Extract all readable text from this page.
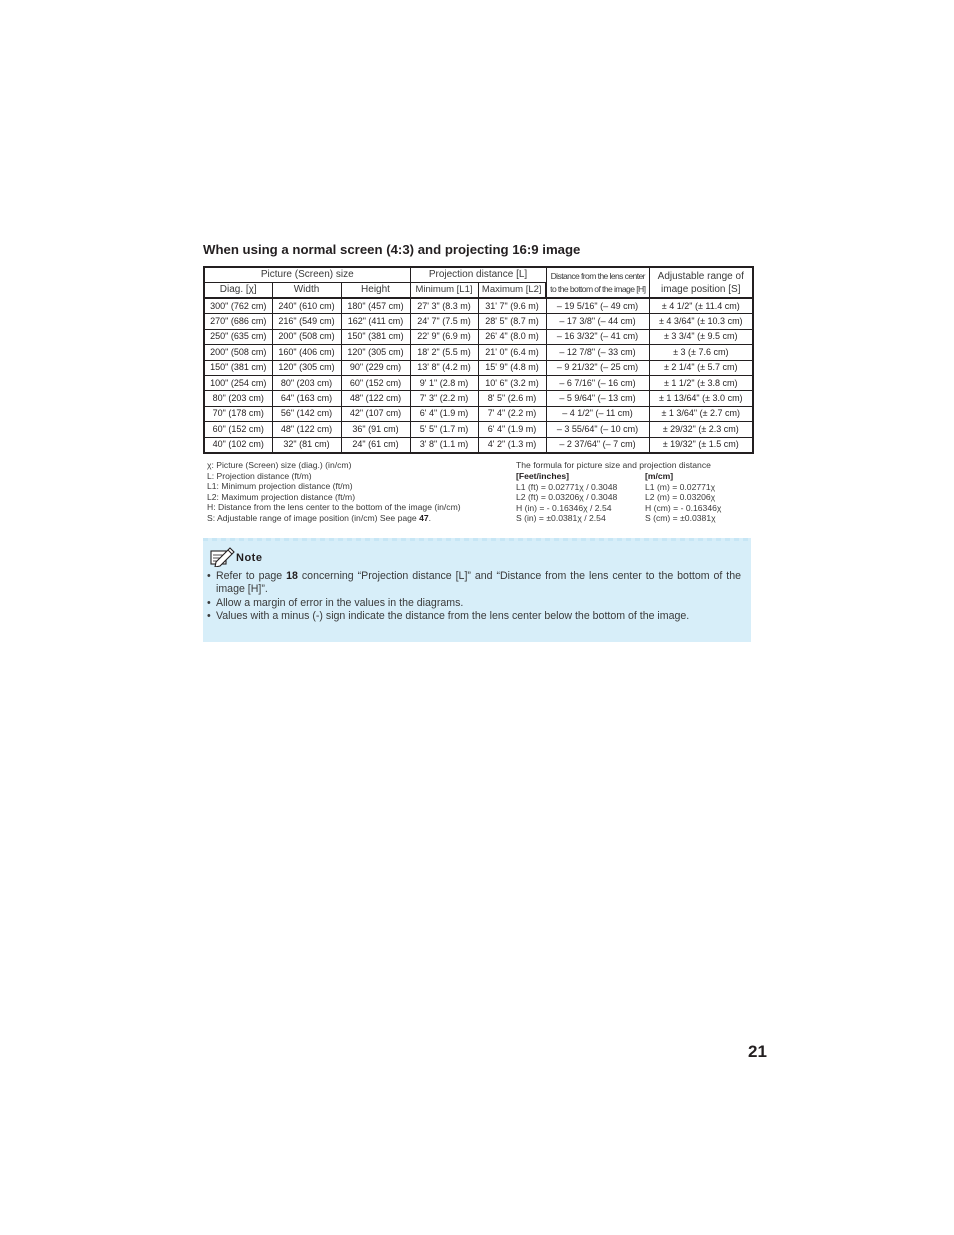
When using a normal screen (4:3) and projecting 16:9 image
Picture (Screen) size			Projection distance [L]		Distance from the lens center to the bottom of the image [H]	Adjustable range of image position [S]
Diag. [χ]	Width	Height	Minimum [L1]	Maximum [L2]		
300" (762 cm)	240" (610 cm)	180" (457 cm)	27' 3" (8.3 m)	31' 7" (9.6 m)	– 19 5/16" (– 49 cm)	± 4 1/2" (± 11.4 cm)
270" (686 cm)	216" (549 cm)	162" (411 cm)	24' 7" (7.5 m)	28' 5" (8.7 m)	– 17 3/8" (– 44 cm)	± 4 3/64" (± 10.3 cm)
250" (635 cm)	200" (508 cm)	150" (381 cm)	22' 9" (6.9 m)	26' 4" (8.0 m)	– 16 3/32" (– 41 cm)	± 3 3/4" (± 9.5 cm)
200" (508 cm)	160" (406 cm)	120" (305 cm)	18' 2" (5.5 m)	21' 0" (6.4 m)	– 12 7/8" (– 33 cm)	± 3 (± 7.6 cm)
150" (381 cm)	120" (305 cm)	90" (229 cm)	13' 8" (4.2 m)	15' 9" (4.8 m)	– 9 21/32" (– 25 cm)	± 2 1/4" (± 5.7 cm)
100" (254 cm)	80" (203 cm)	60" (152 cm)	9' 1" (2.8 m)	10' 6" (3.2 m)	– 6 7/16" (– 16 cm)	± 1 1/2" (± 3.8 cm)
80" (203 cm)	64" (163 cm)	48" (122 cm)	7' 3" (2.2 m)	8' 5" (2.6 m)	– 5 9/64" (– 13 cm)	± 1 13/64" (± 3.0 cm)
70" (178 cm)	56" (142 cm)	42" (107 cm)	6' 4" (1.9 m)	7' 4" (2.2 m)	– 4 1/2" (– 11 cm)	± 1 3/64" (± 2.7 cm)
60" (152 cm)	48" (122 cm)	36" (91 cm)	5' 5" (1.7 m)	6' 4" (1.9 m)	– 3 55/64" (– 10 cm)	± 29/32" (± 2.3 cm)
40" (102 cm)	32" (81 cm)	24" (61 cm)	3' 8" (1.1 m)	4' 2" (1.3 m)	– 2 37/64" (– 7 cm)	± 19/32" (± 1.5 cm)
χ: Picture (Screen) size (diag.) (in/cm)
L: Projection distance (ft/m)
L1: Minimum projection distance (ft/m)
L2: Maximum projection distance (ft/m)
H: Distance from the lens center to the bottom of the image (in/cm)
S: Adjustable range of image position (in/cm) See page 47.
The formula for picture size and projection distance
[Feet/inches]
L1 (ft) = 0.02771χ / 0.3048
L2 (ft) = 0.03206χ / 0.3048
H (in) = - 0.16346χ / 2.54
S (in) = ±0.0381χ / 2.54
[m/cm]
L1 (m) = 0.02771χ
L2 (m) = 0.03206χ
H (cm) = - 0.16346χ
S (cm) = ±0.0381χ
Note
• Refer to page 18 concerning “Projection distance [L]” and “Distance from the lens center to the bottom of the image [H]”.
• Allow a margin of error in the values in the diagrams.
• Values with a minus (-) sign indicate the distance from the lens center below the bottom of the image.
21
